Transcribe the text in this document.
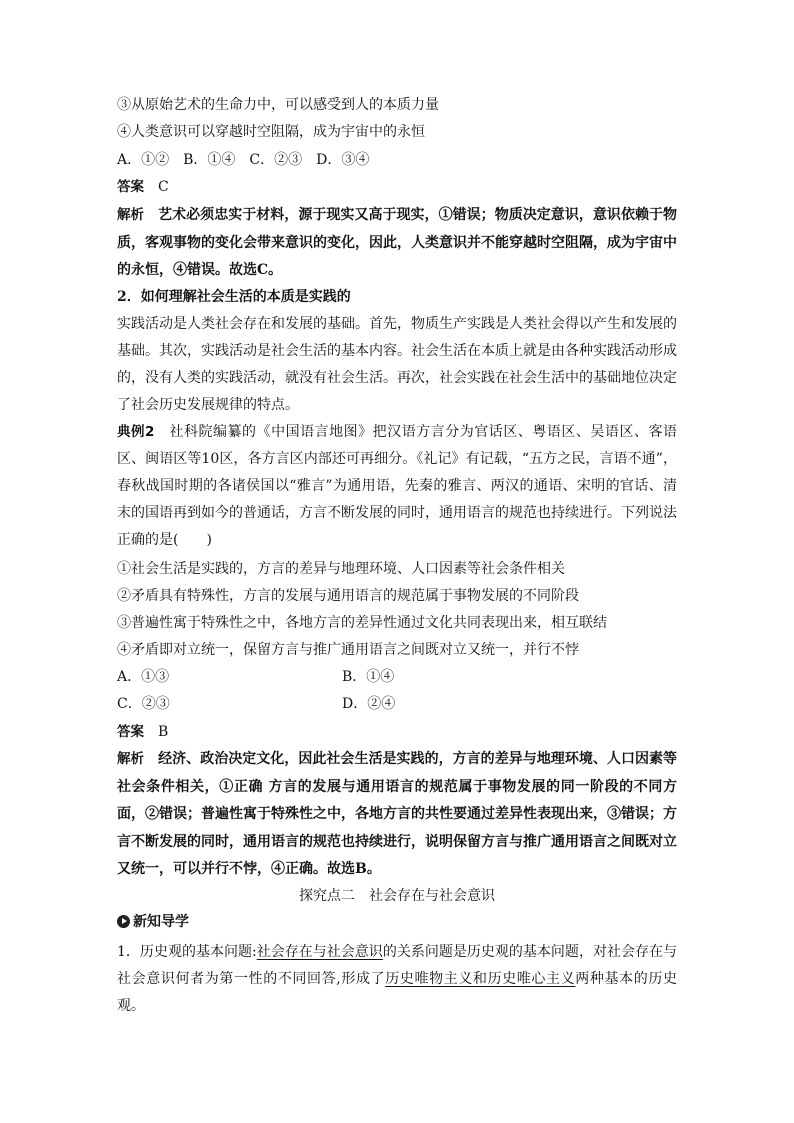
③从原始艺术的生命力中，可以感受到人的本质力量
④人类意识可以穿越时空阻隔，成为宇宙中的永恒
A．①②　B．①④　C．②③　D．③④
答案　 C

解析　 艺术必须忠实于材料，源于现实又高于现实，①错误；物质决定意识，意识依赖于物质，客观事物的变化会带来意识的变化，因此，人类意识并不能穿越时空阻隔，成为宇宙中的永恒，④错误。故选C。

2．如何理解社会生活的本质是实践的

实践活动是人类社会存在和发展的基础。首先，物质生产实践是人类社会得以产生和发展的基础。其次，实践活动是社会生活的基本内容。社会生活在本质上就是由各种实践活动形成的，没有人类的实践活动，就没有社会生活。再次，社会实践在社会生活中的基础地位决定了社会历史发展规律的特点。

典例2　 社科院编纂的《中国语言地图》把汉语方言分为官话区、粤语区、吴语区、客语区、闽语区等10区，各方言区内部还可再细分。《礼记》有记载，“五方之民，言语不通”，春秋战国时期的各诸侯国以“雅言”为通用语，先秦的雅言、两汉的通语、宋明的官话、清末的国语再到如今的普通话，方言不断发展的同时，通用语言的规范也持续进行。下列说法正确的是(　　)

①社会生活是实践的，方言的差异与地理环境、人口因素等社会条件相关
②矛盾具有特殊性，方言的发展与通用语言的规范属于事物发展的不同阶段
③普遍性寓于特殊性之中，各地方言的差异性通过文化共同表现出来，相互联结
④矛盾即对立统一，保留方言与推广通用语言之间既对立又统一，并行不悖
A．①③	B．①④
C．②③	D．②④
答案　 B

解析　 经济、政治决定文化，因此社会生活是实践的，方言的差异与地理环境、人口因素等社会条件相关，①正确 方言的发展与通用语言的规范属于事物发展的同一阶段的不同方面，②错误；普遍性寓于特殊性之中，各地方言的共性要通过差异性表现出来，③错误；方言不断发展的同时，通用语言的规范也持续进行，说明保留方言与推广通用语言之间既对立又统一，可以并行不悖，④正确。故选B。

探究点二　社会存在与社会意识
新知导学

1．历史观的基本问题:社会存在与社会意识的关系问题是历史观的基本问题，对社会存在与社会意识何者为第一性的不同回答,形成了历史唯物主义和历史唯心主义两种基本的历史观。
